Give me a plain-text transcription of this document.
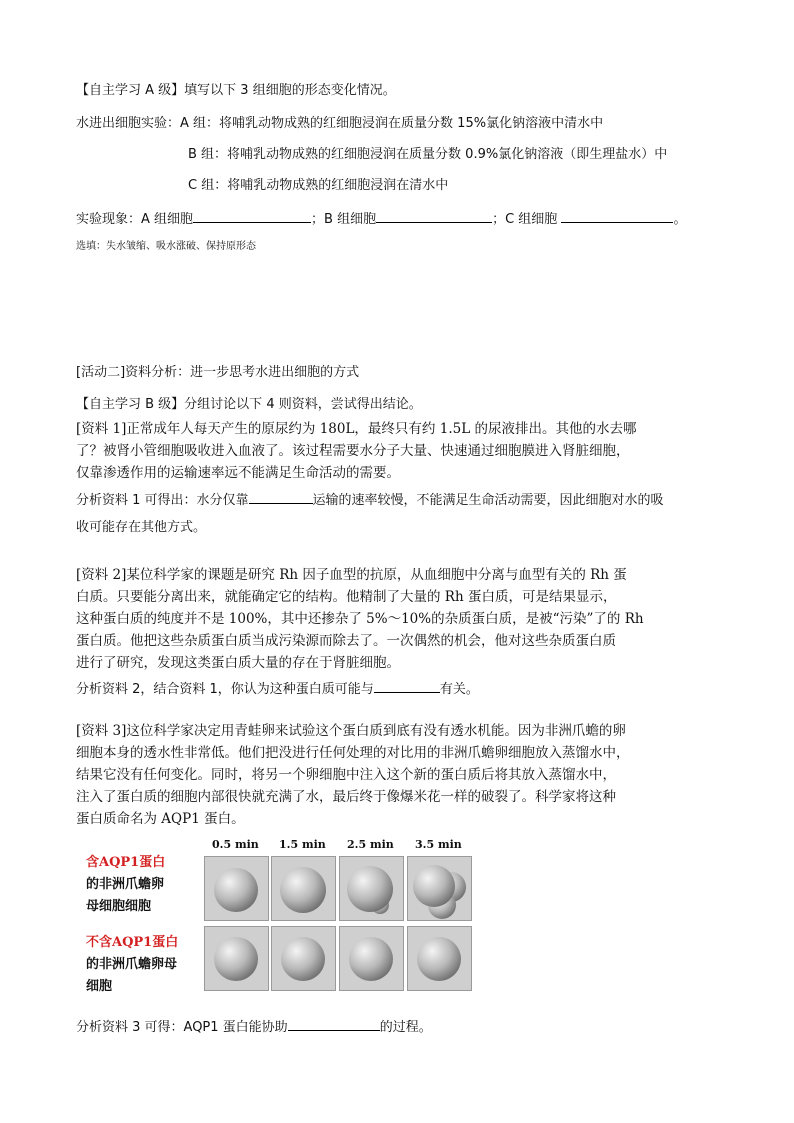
【自主学习 A 级】填写以下 3 组细胞的形态变化情况。
水进出细胞实验：A 组：将哺乳动物成熟的红细胞浸润在质量分数 15%氯化钠溶液中清水中
B 组：将哺乳动物成熟的红细胞浸润在质量分数 0.9%氯化钠溶液（即生理盐水）中
C 组：将哺乳动物成熟的红细胞浸润在清水中
实验现象：A 组细胞	；B 组细胞	；C 组细胞	。
选填：失水皱缩、吸水涨破、保持原形态
[活动二]资料分析：进一步思考水进出细胞的方式
【自主学习 B 级】分组讨论以下 4 则资料，尝试得出结论。
[资料 1]正常成年人每天产生的原尿约为 180L，最终只有约 1.5L 的尿液排出。其他的水去哪
了？被肾小管细胞吸收进入血液了。该过程需要水分子大量、快速通过细胞膜进入肾脏细胞，
仅靠渗透作用的运输速率远不能满足生命活动的需要。
分析资料 1 可得出：水分仅靠	运输的速率较慢，不能满足生命活动需要，因此细胞对水的吸
收可能存在其他方式。
[资料 2]某位科学家的课题是研究 Rh 因子血型的抗原，从血细胞中分离与血型有关的 Rh 蛋
白质。只要能分离出来，就能确定它的结构。他精制了大量的 Rh 蛋白质，可是结果显示，
这种蛋白质的纯度并不是 100%，其中还掺杂了 5%～10%的杂质蛋白质，是被“污染”了的 Rh
蛋白质。他把这些杂质蛋白质当成污染源而除去了。一次偶然的机会，他对这些杂质蛋白质
进行了研究，发现这类蛋白质大量的存在于肾脏细胞。
分析资料 2，结合资料 1，你认为这种蛋白质可能与	有关。
[资料 3]这位科学家决定用青蛙卵来试验这个蛋白质到底有没有透水机能。因为非洲爪蟾的卵
细胞本身的透水性非常低。他们把没进行任何处理的对比用的非洲爪蟾卵细胞放入蒸馏水中，
结果它没有任何变化。同时，将另一个卵细胞中注入这个新的蛋白质后将其放入蒸馏水中，
注入了蛋白质的细胞内部很快就充满了水，最后终于像爆米花一样的破裂了。科学家将这种
蛋白质命名为 AQP1 蛋白。
0.5 min 1.5 min 2.5 min 3.5 min
含AQP1蛋白
的非洲爪蟾卵
母细胞细胞
不含AQP1蛋白
的非洲爪蟾卵母
细胞
分析资料 3 可得：AQP1 蛋白能协助	的过程。
